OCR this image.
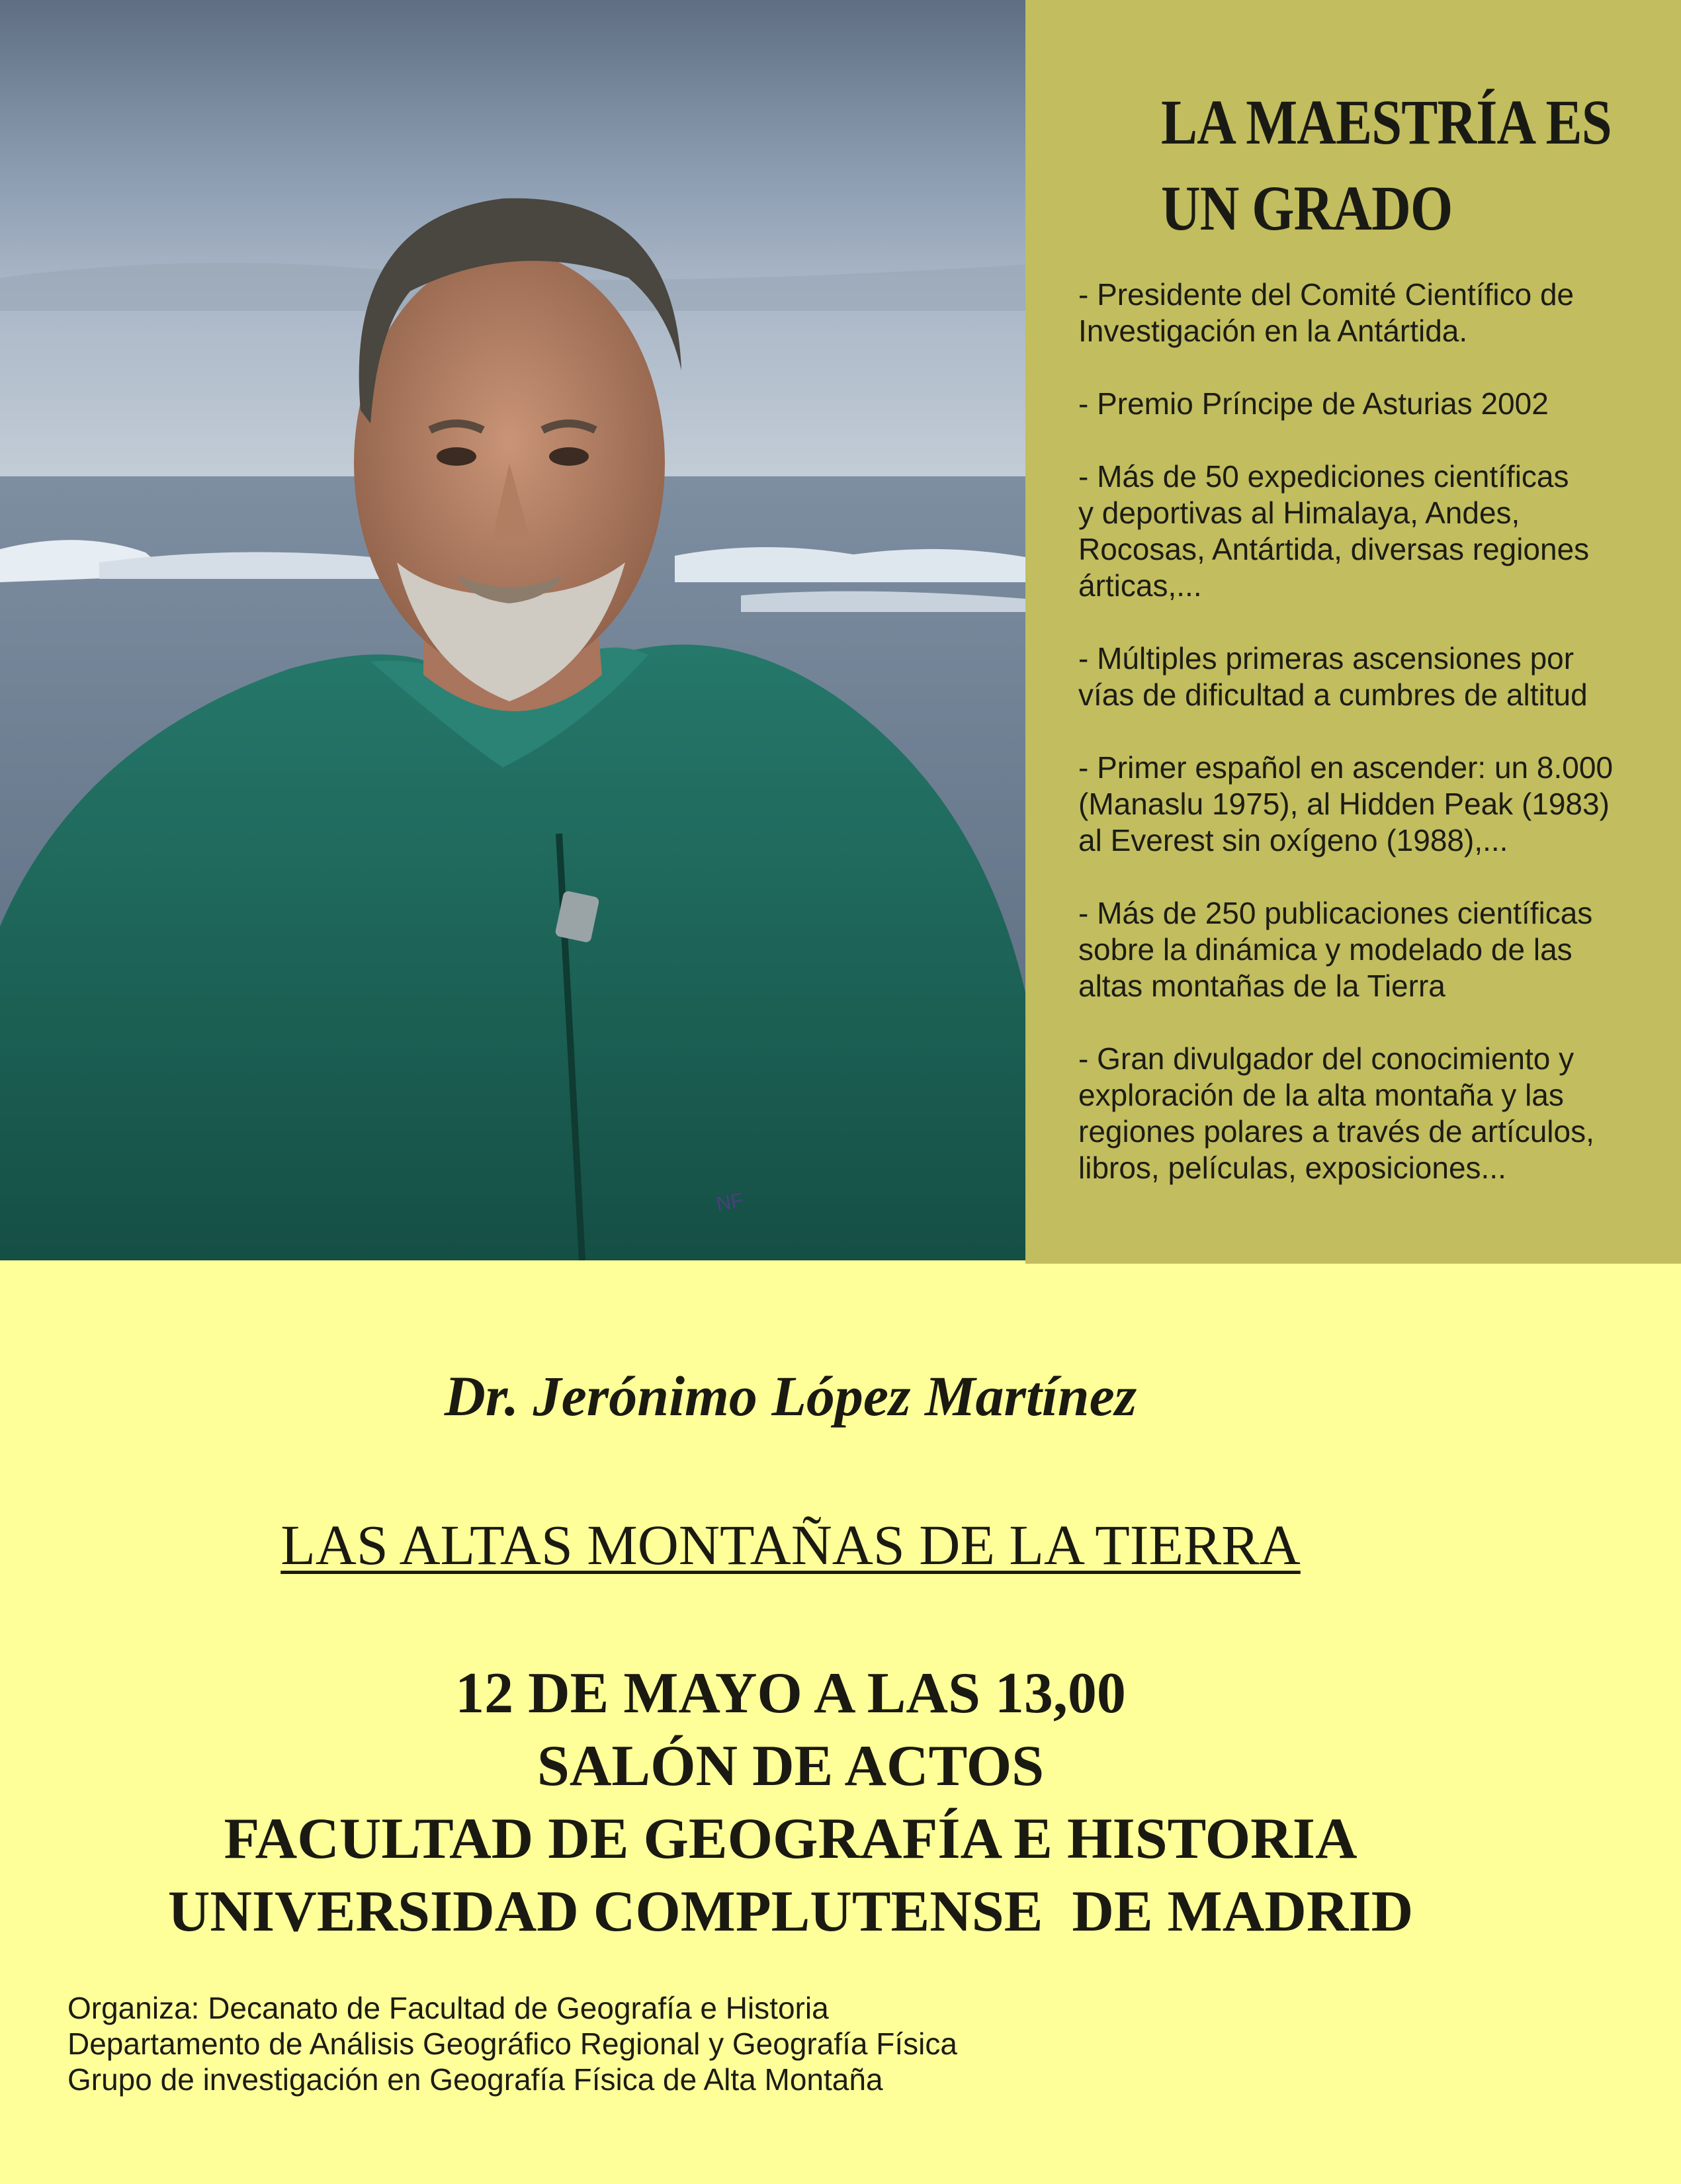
NF
LA MAESTRÍA ES
UN GRADO
- Presidente del Comité Científico de
Investigación en la Antártida.
- Premio Príncipe de Asturias 2002
- Más de 50 expediciones científicas
y deportivas al Himalaya, Andes,
Rocosas, Antártida, diversas regiones
árticas,...
- Múltiples primeras ascensiones por
vías de dificultad a cumbres de altitud
- Primer español en ascender: un 8.000
(Manaslu 1975), al Hidden Peak (1983)
al Everest sin oxígeno (1988),...
- Más de 250 publicaciones científicas
sobre la dinámica y modelado de las
altas montañas de la Tierra
- Gran divulgador del conocimiento y
exploración de la alta montaña y las
regiones polares a través de artículos,
libros, películas, exposiciones...
Dr. Jerónimo López Martínez
LAS ALTAS MONTAÑAS DE LA TIERRA
12 DE MAYO A LAS 13,00
SALÓN DE ACTOS
FACULTAD DE GEOGRAFÍA E HISTORIA
UNIVERSIDAD COMPLUTENSE  DE MADRID
Organiza: Decanato de Facultad de Geografía e Historia
Departamento de Análisis Geográfico Regional y Geografía Física
Grupo de investigación en Geografía Física de Alta Montaña
